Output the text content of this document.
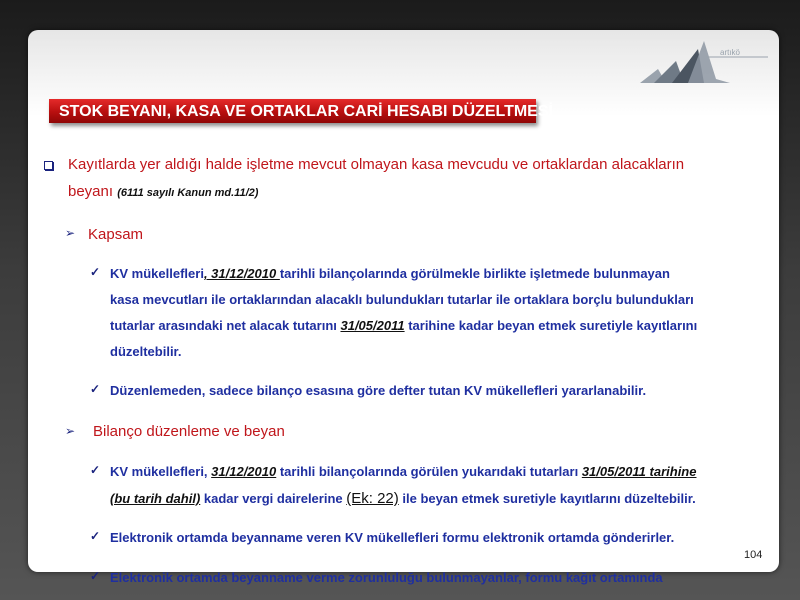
artıkö
STOK BEYANI, KASA VE ORTAKLAR CARİ HESABI DÜZELTMESİ
Kayıtlarda yer aldığı halde işletme mevcut olmayan kasa mevcudu ve ortaklardan alacakların
beyanı (6111 sayılı Kanun md.11/2)
➢ Kapsam
✓ KV mükellefleri, 31/12/2010 tarihli bilançolarında görülmekle birlikte işletmede bulunmayan
kasa mevcutları ile ortaklarından alacaklı bulundukları tutarlar ile ortaklara borçlu bulundukları
tutarlar arasındaki net alacak tutarını 31/05/2011 tarihine kadar beyan etmek suretiyle kayıtlarını
düzeltebilir.
✓ Düzenlemeden, sadece bilanço esasına göre defter tutan KV mükellefleri yararlanabilir.
➢ Bilanço düzenleme ve beyan
✓ KV mükellefleri, 31/12/2010 tarihli bilançolarında görülen yukarıdaki tutarları 31/05/2011 tarihine
(bu tarih dahil) kadar vergi dairelerine (Ek: 22) ile beyan etmek suretiyle kayıtlarını düzeltebilir.
✓ Elektronik ortamda beyanname veren KV mükellefleri formu elektronik ortamda gönderirler.
104
✓ Elektronik ortamda beyanname verme zorunluluğu bulunmayanlar, formu kağıt ortamında
